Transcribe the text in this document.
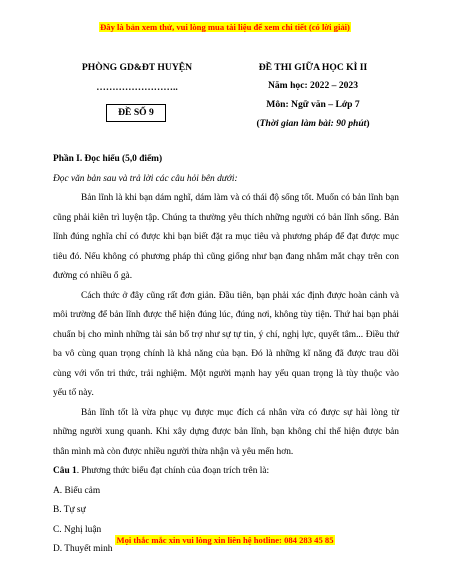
Đây là bản xem thử, vui lòng mua tài liệu để xem chi tiết (có lời giải)
PHÒNG GD&ĐT HUYỆN
……………………..
ĐỀ SỐ 9
ĐỀ THI GIỮA HỌC KÌ II
Năm học: 2022 – 2023
Môn: Ngữ văn – Lớp 7
(Thời gian làm bài: 90 phút)

Phần I. Đọc hiểu (5,0 điểm)

Đọc văn bản sau và trả lời các câu hỏi bên dưới:

Bản lĩnh là khi bạn dám nghĩ, dám làm và có thái độ sống tốt. Muốn có bản lĩnh bạn cũng phải kiên trì luyện tập. Chúng ta thường yêu thích những người có bản lĩnh sống. Bản lĩnh đúng nghĩa chỉ có được khi bạn biết đặt ra mục tiêu và phương pháp để đạt được mục tiêu đó. Nếu không có phương pháp thì cũng giống như bạn đang nhắm mắt chạy trên con đường có nhiều ổ gà.

Cách thức ở đây cũng rất đơn giản. Đầu tiên, bạn phải xác định được hoàn cảnh và môi trường để bản lĩnh được thể hiện đúng lúc, đúng nơi, không tùy tiện. Thứ hai bạn phải chuẩn bị cho mình những tài sản bổ trợ như sự tự tin, ý chí, nghị lực, quyết tâm... Điều thứ ba vô cùng quan trọng chính là khả năng của bạn. Đó là những kĩ năng đã được trau dồi cùng với vốn tri thức, trải nghiệm. Một người mạnh hay yếu quan trọng là tùy thuộc vào yếu tố này.

Bản lĩnh tốt là vừa phục vụ được mục đích cá nhân vừa có được sự hài lòng từ những người xung quanh. Khi xây dựng được bản lĩnh, bạn không chỉ thể hiện được bản thân mình mà còn được nhiều người thừa nhận và yêu mến hơn.

Câu 1. Phương thức biểu đạt chính của đoạn trích trên là:

A. Biểu cảm

B. Tự sự

C. Nghị luận

D. Thuyết minh

Mọi thắc mắc xin vui lòng xin liên hệ hotline: 084 283 45 85
